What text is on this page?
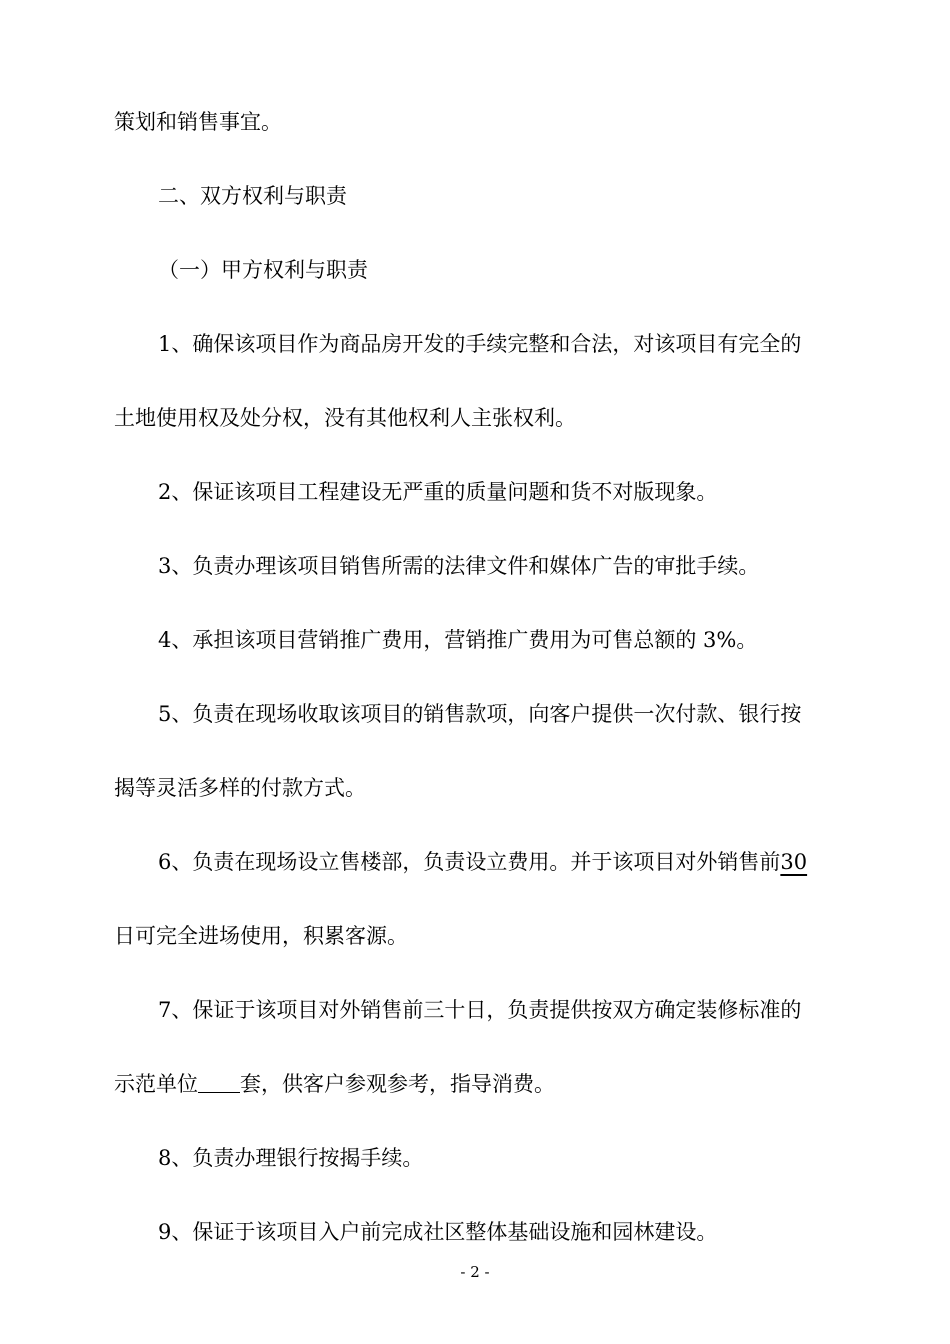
策划和销售事宜。
二、双方权利与职责
（一）甲方权利与职责
1、确保该项目作为商品房开发的手续完整和合法，对该项目有完全的
土地使用权及处分权，没有其他权利人主张权利。
2、保证该项目工程建设无严重的质量问题和货不对版现象。
3、负责办理该项目销售所需的法律文件和媒体广告的审批手续。
4、承担该项目营销推广费用，营销推广费用为可售总额的 3%。
5、负责在现场收取该项目的销售款项，向客户提供一次付款、银行按
揭等灵活多样的付款方式。
6、负责在现场设立售楼部，负责设立费用。并于该项目对外销售前30
日可完全进场使用，积累客源。
7、保证于该项目对外销售前三十日，负责提供按双方确定装修标准的
示范单位 套，供客户参观参考，指导消费。
8、负责办理银行按揭手续。
9、保证于该项目入户前完成社区整体基础设施和园林建设。
- 2 -
